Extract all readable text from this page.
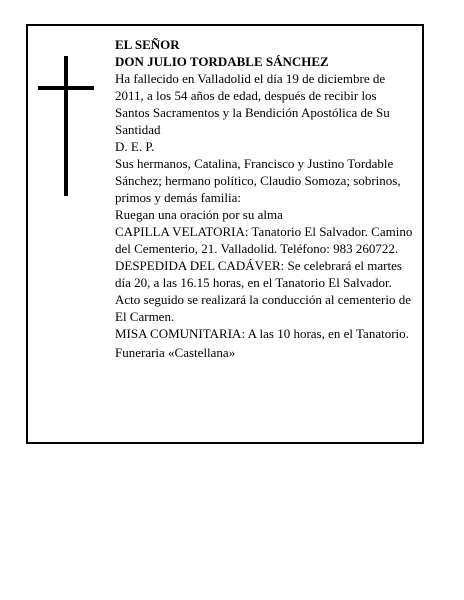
EL SEÑOR

DON JULIO TORDABLE SÁNCHEZ

Ha fallecido en Valladolid el día 19 de diciembre de 2011, a los 54 años de edad, después de recibir los Santos Sacramentos y la Bendición Apostólica de Su Santidad

D. E. P.

Sus hermanos, Catalina, Francisco y Justino Tordable Sánchez; hermano político, Claudio Somoza; sobrinos, primos y demás familia:

Ruegan una oración por su alma

CAPILLA VELATORIA: Tanatorio El Salvador. Camino del Cementerio, 21. Valladolid. Teléfono: 983 260722.

DESPEDIDA DEL CADÁVER: Se celebrará el martes día 20, a las 16.15 horas, en el Tanatorio El Salvador. Acto seguido se realizará la conducción al cementerio de El Carmen.

MISA COMUNITARIA: A las 10 horas, en el Tanatorio.

Funeraria «Castellana»
